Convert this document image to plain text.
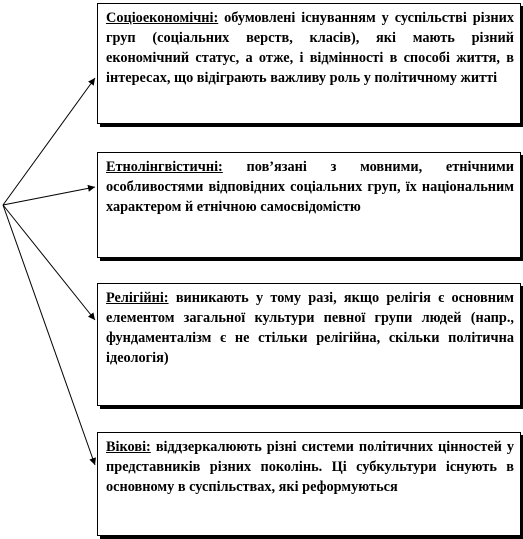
Соціоекономічні: обумовлені існуванням у суспільстві різних груп (соціальних верств, класів), які мають різний економічний статус, а отже, і відмінності в способі життя, в інтересах, що відіграють важливу роль у політичному житті
Етнолінгвістичні: пов’язані з мовними, етнічними особливостями відповідних соціальних груп, їх національним характером й етнічною самосвідомістю
Релігійні: виникають у тому разі, якщо релігія є основним елементом загальної культури певної групи людей (напр., фундаменталізм є не стільки релігійна, скільки політична ідеологія)
Вікові: віддзеркалюють різні системи політичних цінностей у представників різних поколінь. Ці субкультури існують в основному в суспільствах, які реформуються
